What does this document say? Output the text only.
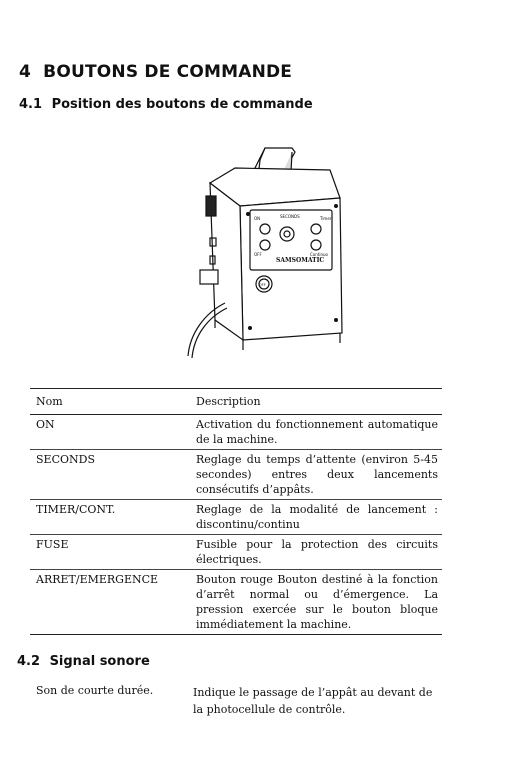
4 BOUTONS DE COMMANDE
4.1 Position des boutons de commande
SECONDS
ON	Timer
OFF	Continuo
OFF
SAMSOMATIC
Nom	Description
ON	Activation du fonctionnement automatique de la machine.
SECONDS	Reglage du temps d’attente (environ 5-45 secondes) entres deux lancements consécutifs d’appâts.
TIMER/CONT.	Reglage de la modalité de lancement : discontinu/continu
FUSE	Fusible pour la protection des circuits électriques.
ARRET/EMERGENCE	Bouton rouge Bouton destiné à la fonction d’arrêt normal ou d’émergence. La pression exercée sur le bouton bloque immédiatement la machine.
4.2 Signal sonore
Son de courte durée.	Indique le passage de l’appât au devant de la photocellule de contrôle.
